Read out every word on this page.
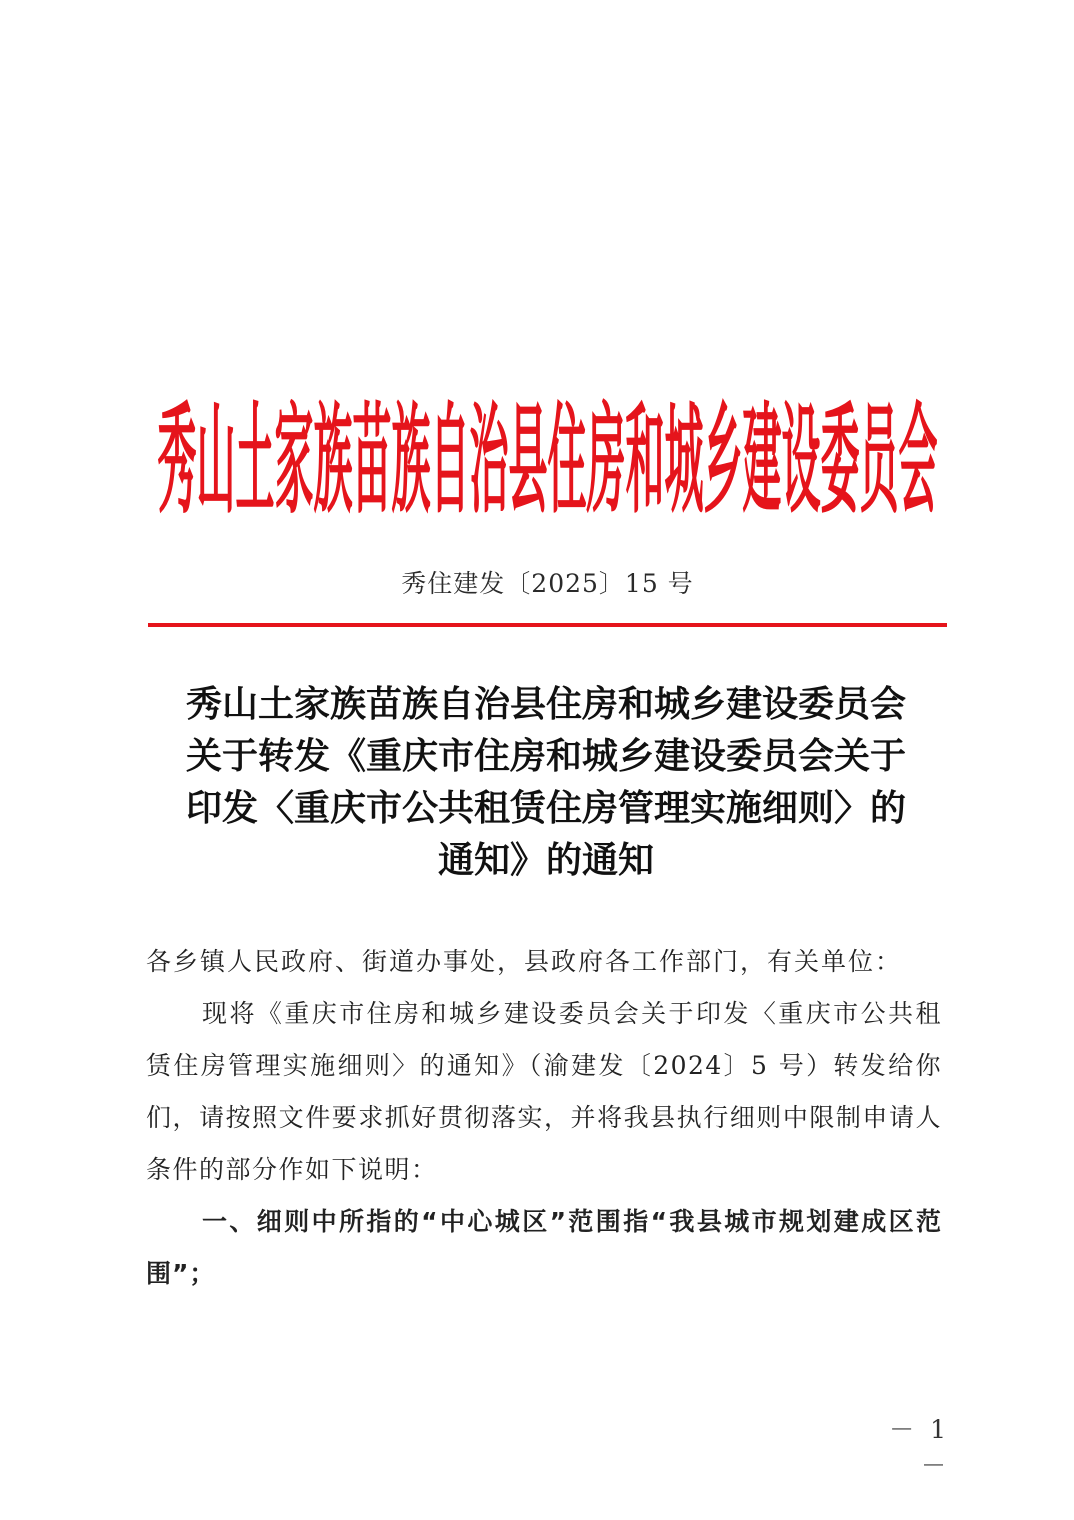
秀山土家族苗族自治县住房和城乡建设委员会
秀住建发〔2025〕15 号
秀山土家族苗族自治县住房和城乡建设委员会
关于转发《重庆市住房和城乡建设委员会关于
印发〈重庆市公共租赁住房管理实施细则〉的
通知》的通知
各乡镇人民政府、街道办事处，县政府各工作部门，有关单位：
现将《重庆市住房和城乡建设委员会关于印发〈重庆市公共租赁住房管理实施细则〉的通知》（渝建发〔2024〕5 号）转发给你们，请按照文件要求抓好贯彻落实，并将我县执行细则中限制申请人条件的部分作如下说明：
一、细则中所指的“中心城区”范围指“我县城市规划建成区范围”；
－ 1 －
